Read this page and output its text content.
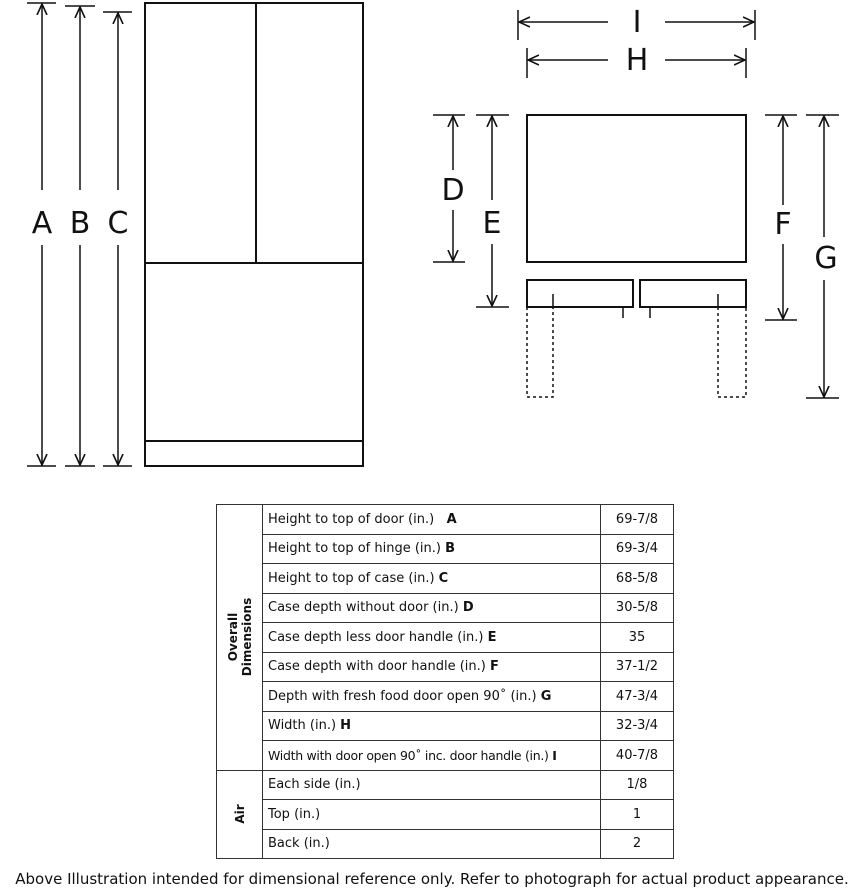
A B C
I
H
D
E	F
G
Overall
Dimensions	Height to top of door (in.) A	69-7/8
	Height to top of hinge (in.) B	69-3/4
	Height to top of case (in.) C	68-5/8
	Case depth without door (in.) D	30-5/8
	Case depth less door handle (in.) E	35
	Case depth with door handle (in.) F	37-1/2
	Depth with fresh food door open 90˚ (in.) G	47-3/4
	Width (in.) H	32-3/4
	Width with door open 90˚ inc. door handle (in.) I	40-7/8

Air	Each side (in.)	1/8
	Top (in.)	1
	Back (in.)	2
Above Illustration intended for dimensional reference only. Refer to photograph for actual product appearance.
